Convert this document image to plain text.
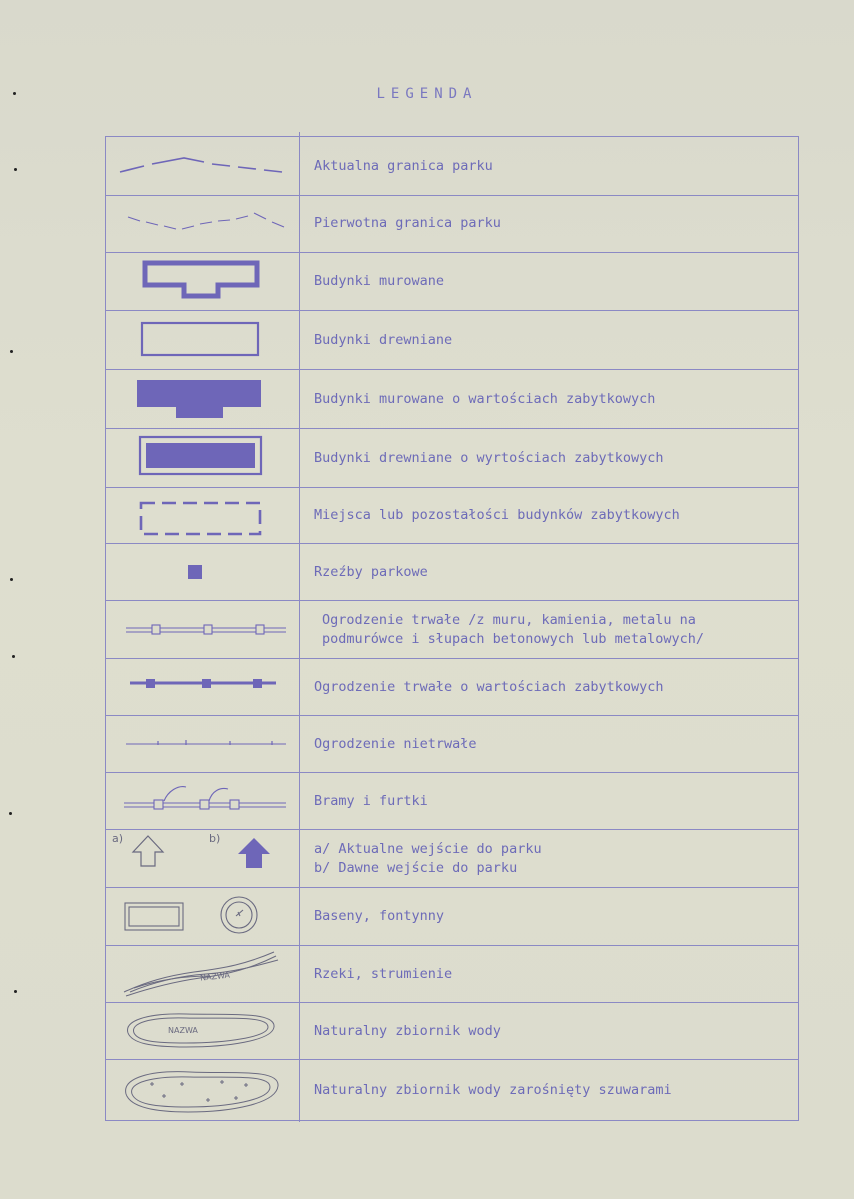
LEGENDA
Aktualna granica parku
Pierwotna granica parku
Budynki murowane
Budynki drewniane
Budynki murowane o wartościach zabytkowych
Budynki drewniane o wyrtościach zabytkowych
Miejsca lub pozostałości budynków zabytkowych
Rzeźby parkowe
Ogrodzenie trwałe /z muru, kamienia, metalu na
podmurówce i słupach betonowych lub metalowych/
Ogrodzenie trwałe o wartościach zabytkowych
Ogrodzenie nietrwałe
Bramy i furtki
a)	b)
a/ Aktualne wejście do parku
b/ Dawne wejście do parku
Baseny, fontynny
NAZWA	Rzeki, strumienie
NAZWA	Naturalny zbiornik wody
Naturalny zbiornik wody zarośnięty szuwarami
